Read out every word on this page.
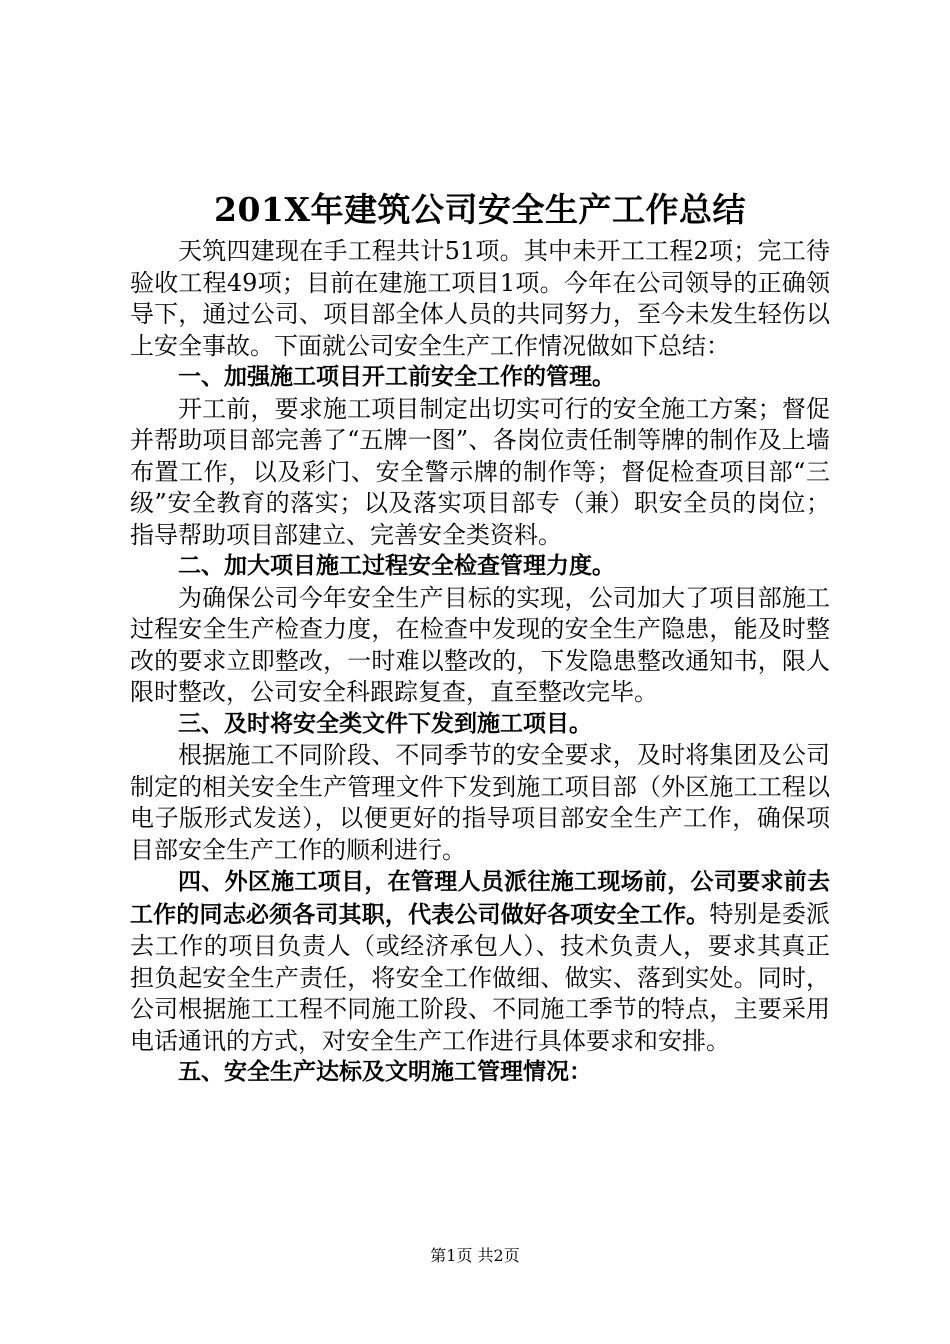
201X年建筑公司安全生产工作总结

天筑四建现在手工程共计51项。其中未开工工程2项；完工待验收工程49项；目前在建施工项目1项。今年在公司领导的正确领导下，通过公司、项目部全体人员的共同努力，至今未发生轻伤以上安全事故。下面就公司安全生产工作情况做如下总结：

一、加强施工项目开工前安全工作的管理。

开工前，要求施工项目制定出切实可行的安全施工方案；督促并帮助项目部完善了“五牌一图”、各岗位责任制等牌的制作及上墙布置工作，以及彩门、安全警示牌的制作等；督促检查项目部“三级”安全教育的落实；以及落实项目部专（兼）职安全员的岗位；指导帮助项目部建立、完善安全类资料。

二、加大项目施工过程安全检查管理力度。

为确保公司今年安全生产目标的实现，公司加大了项目部施工过程安全生产检查力度，在检查中发现的安全生产隐患，能及时整改的要求立即整改，一时难以整改的，下发隐患整改通知书，限人限时整改，公司安全科跟踪复查，直至整改完毕。

三、及时将安全类文件下发到施工项目。

根据施工不同阶段、不同季节的安全要求，及时将集团及公司制定的相关安全生产管理文件下发到施工项目部（外区施工工程以电子版形式发送），以便更好的指导项目部安全生产工作，确保项目部安全生产工作的顺利进行。

四、外区施工项目，在管理人员派往施工现场前，公司要求前去工作的同志必须各司其职，代表公司做好各项安全工作。特别是委派去工作的项目负责人（或经济承包人）、技术负责人，要求其真正担负起安全生产责任，将安全工作做细、做实、落到实处。同时，公司根据施工工程不同施工阶段、不同施工季节的特点，主要采用电话通讯的方式，对安全生产工作进行具体要求和安排。

五、安全生产达标及文明施工管理情况：

第1页 共2页
